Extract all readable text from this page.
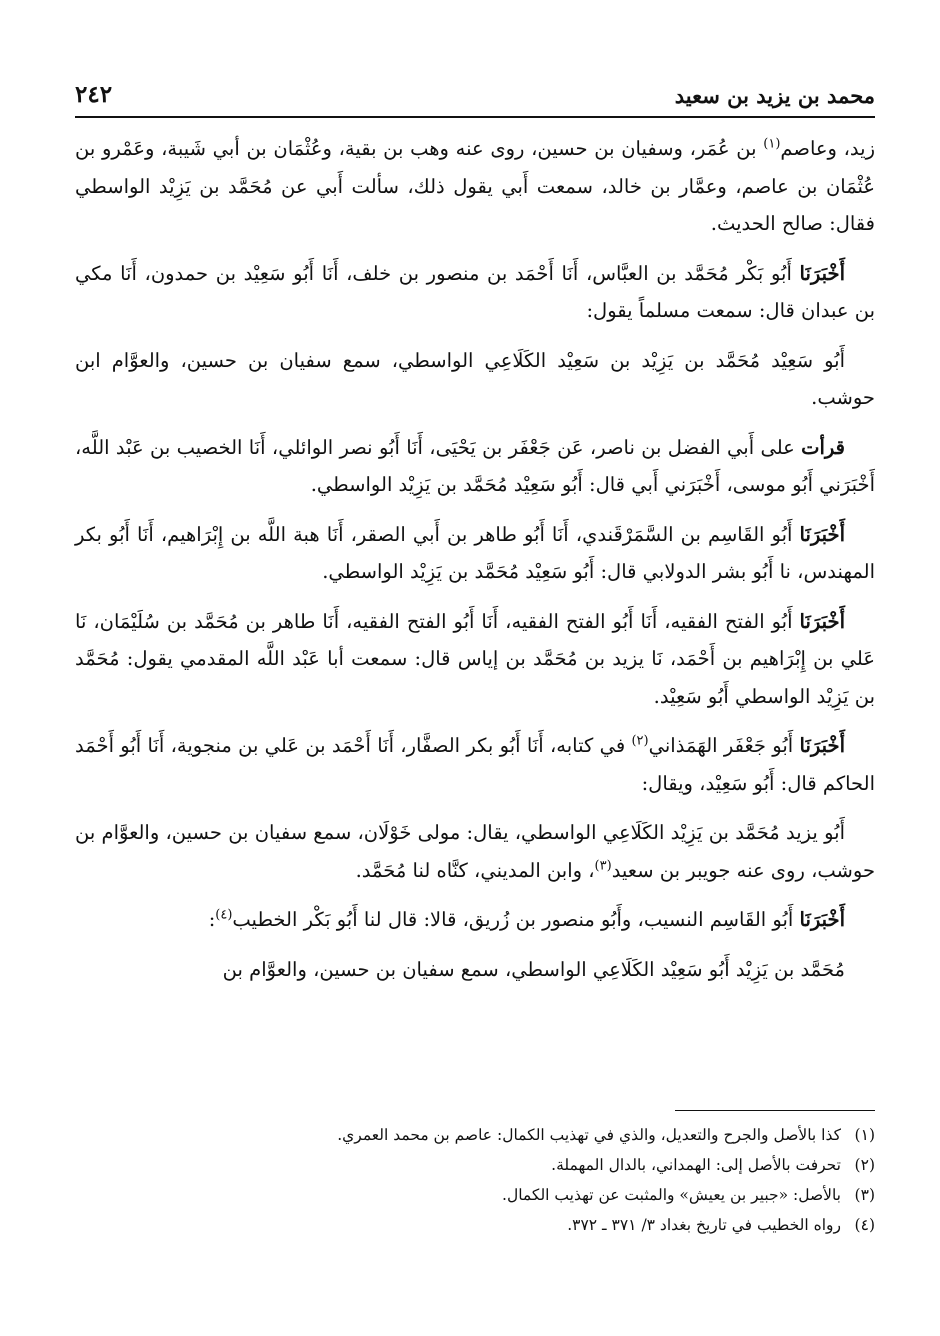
محمد بن يزيد بن سعيد
٢٤٢

زيد، وعاصم$^{(١)}$ بن عُمَر، وسفيان بن حسين، روى عنه وهب بن بقية، وعُثْمَان بن أبي شَيبة، وعَمْرو بن عُثْمَان بن عاصم، وعمَّار بن خالد، سمعت أَبي يقول ذلك، سألت أَبي عن مُحَمَّد بن يَزِيْد الواسطي فقال: صالح الحديث.

أَخْبَرَنَا أَبُو بَكْر مُحَمَّد بن العبَّاس، أَنَا أَحْمَد بن منصور بن خلف، أَنَا أَبُو سَعِيْد بن حمدون، أَنَا مكي بن عبدان قال: سمعت مسلماً يقول:

أَبُو سَعِيْد مُحَمَّد بن يَزِيْد بن سَعِيْد الكَلَاعِي الواسطي، سمع سفيان بن حسين، والعوَّام ابن حوشب.

قرأت على أَبي الفضل بن ناصر، عَن جَعْفَر بن يَحْيَى، أَنَا أَبُو نصر الوائلي، أَنَا الخصيب بن عَبْد اللَّه، أَخْبَرَني أَبُو موسى، أَخْبَرَني أَبي قال: أَبُو سَعِيْد مُحَمَّد بن يَزِيْد الواسطي.

أَخْبَرَنَا أَبُو القَاسِم بن السَّمَرْقَندي، أَنَا أَبُو طاهر بن أَبي الصقر، أَنَا هبة اللَّه بن إِبْرَاهيم، أَنَا أَبُو بكر المهندس، نا أَبُو بشر الدولابي قال: أَبُو سَعِيْد مُحَمَّد بن يَزِيْد الواسطي.

أَخْبَرَنَا أَبُو الفتح الفقيه، أَنَا أَبُو الفتح الفقيه، أَنَا أَبُو الفتح الفقيه، أَنَا طاهر بن مُحَمَّد بن سُلَيْمَان، نَا عَلي بن إِبْرَاهيم بن أَحْمَد، نَا يزيد بن مُحَمَّد بن إياس قال: سمعت أبا عَبْد اللَّه المقدمي يقول: مُحَمَّد بن يَزِيْد الواسطي أَبُو سَعِيْد.

أَخْبَرَنَا أَبُو جَعْفَر الهَمَذاني$^{(٢)}$ في كتابه، أَنَا أَبُو بكر الصفَّار، أَنَا أَحْمَد بن عَلي بن منجوية، أَنَا أَبُو أَحْمَد الحاكم قال: أَبُو سَعِيْد، ويقال:

أَبُو يزيد مُحَمَّد بن يَزِيْد الكَلَاعِي الواسطي، يقال: مولى خَوْلَان، سمع سفيان بن حسين، والعوَّام بن حوشب، روى عنه جويبر بن سعيد$^{(٣)}$، وابن المديني، كنَّاه لنا مُحَمَّد.

أَخْبَرَنَا أَبُو القَاسِم النسيب، وأَبُو منصور بن زُريق، قالا: قال لنا أَبُو بَكْر الخطيب$^{(٤)}$:

مُحَمَّد بن يَزِيْد أَبُو سَعِيْد الكَلَاعِي الواسطي، سمع سفيان بن حسين، والعوَّام بن

(١)كذا بالأصل والجرح والتعديل، والذي في تهذيب الكمال: عاصم بن محمد العمري.

(٢)تحرفت بالأصل إلى: الهمداني، بالدال المهملة.

(٣)بالأصل: «جبير بن يعيش» والمثبت عن تهذيب الكمال.

(٤)رواه الخطيب في تاريخ بغداد ٣/ ٣٧١ ـ ٣٧٢.
